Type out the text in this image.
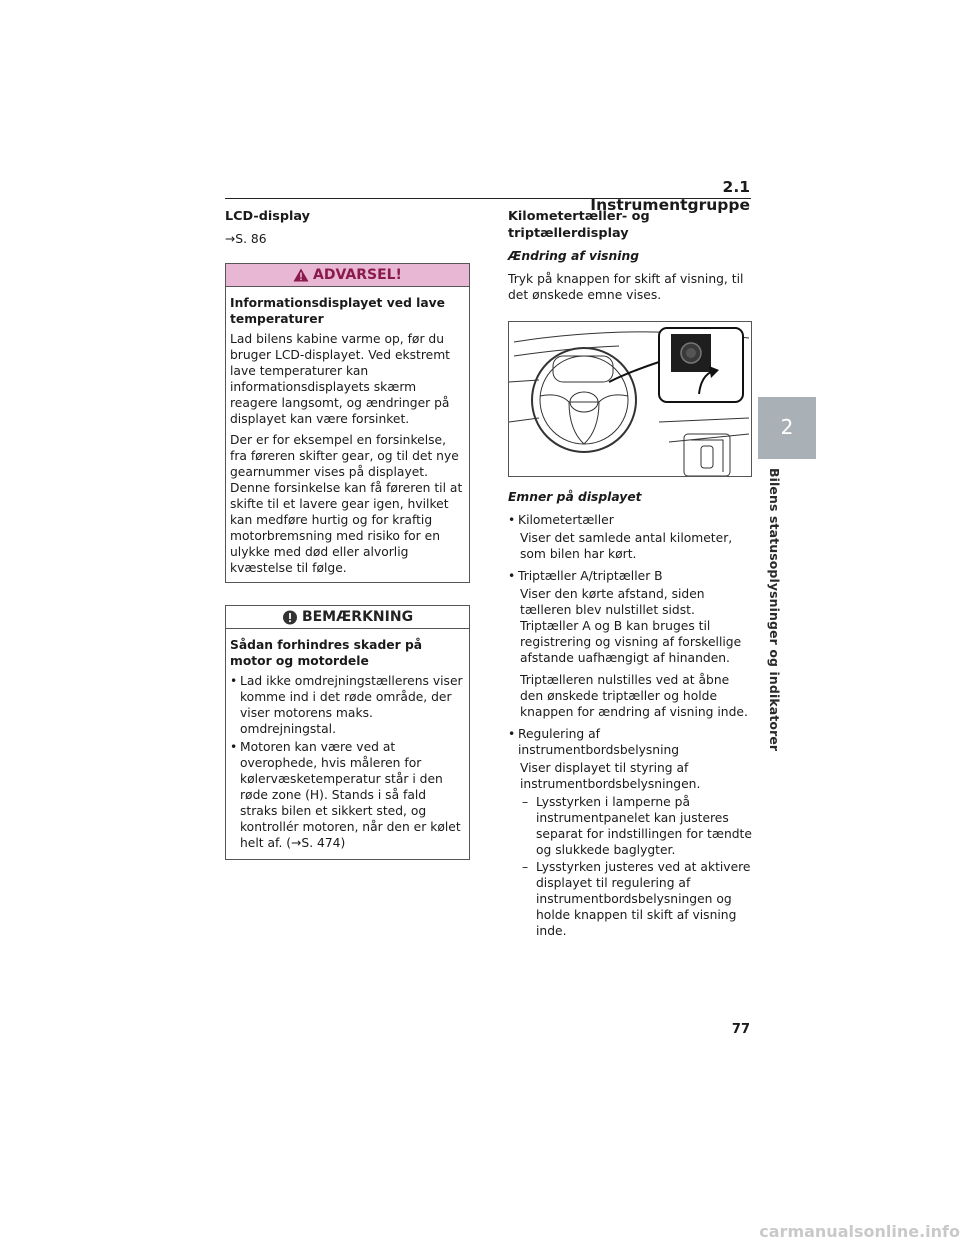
2.1 Instrumentgruppe
2
Bilens statusoplysninger og indikatorer
LCD-display
→S. 86
ADVARSEL!
Informationsdisplayet ved lave temperaturer
Lad bilens kabine varme op, før du bruger LCD-displayet. Ved ekstremt lave temperaturer kan informationsdisplayets skærm reagere langsomt, og ændringer på displayet kan være forsinket.
Der er for eksempel en forsinkelse, fra føreren skifter gear, og til det nye gearnummer vises på displayet. Denne forsinkelse kan få føreren til at skifte til et lavere gear igen, hvilket kan medføre hurtig og for kraftig motorbremsning med risiko for en ulykke med død eller alvorlig kvæstelse til følge.
BEMÆRKNING
Sådan forhindres skader på motor og motordele
• Lad ikke omdrejningstællerens viser komme ind i det røde område, der viser motorens maks. omdrejningstal.
• Motoren kan være ved at overophede, hvis måleren for kølervæsketemperatur står i den røde zone (H). Stands i så fald straks bilen et sikkert sted, og kontrollér motoren, når den er kølet helt af. (→S. 474)
Kilometertæller- og triptællerdisplay
Ændring af visning
Tryk på knappen for skift af visning, til det ønskede emne vises.
Emner på displayet
• Kilometertæller
Viser det samlede antal kilometer, som bilen har kørt.
• Triptæller A/triptæller B
Viser den kørte afstand, siden tælleren blev nulstillet sidst. Triptæller A og B kan bruges til registrering og visning af forskellige afstande uafhængigt af hinanden.
Triptælleren nulstilles ved at åbne den ønskede triptæller og holde knappen for ændring af visning inde.
• Regulering af instrumentbordsbelysning
Viser displayet til styring af instrumentbordsbelysningen.
– Lysstyrken i lamperne på instrumentpanelet kan justeres separat for indstillingen for tændte og slukkede baglygter.
– Lysstyrken justeres ved at aktivere displayet til regulering af instrumentbordsbelysningen og holde knappen til skift af visning inde.
77
carmanualsonline.info
